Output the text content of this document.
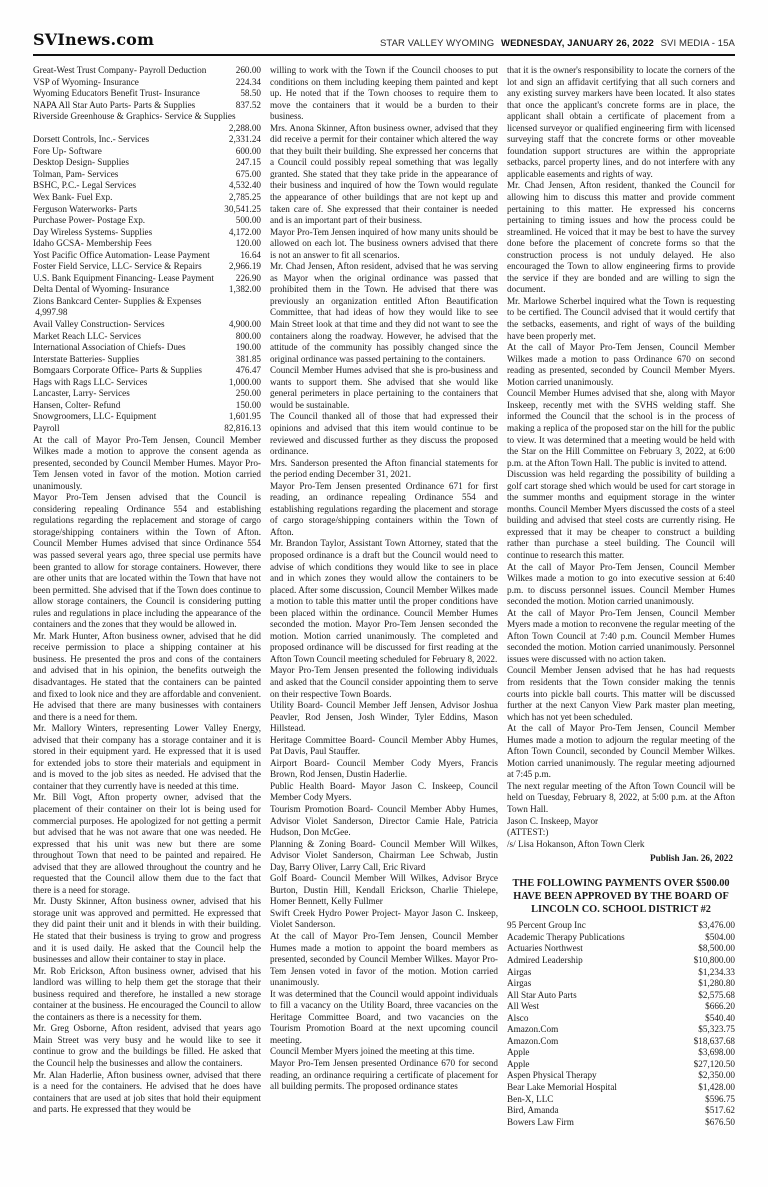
SVInews.com	STAR VALLEY WYOMING WEDNESDAY, JANUARY 26, 2022 SVI MEDIA - 15A
Great-West Trust Company- Payroll Deduction	260.00
VSP of Wyoming- Insurance	224.34
Wyoming Educators Benefit Trust- Insurance	58.50
NAPA All Star Auto Parts- Parts & Supplies	837.52
Riverside Greenhouse & Graphics- Service & Supplies
2,288.00
Dorsett Controls, Inc.- Services	2,331.24
Fore Up- Software	600.00
Desktop Design- Supplies	247.15
Tolman, Pam- Services	675.00
BSHC, P.C.- Legal Services	4,532.40
Wex Bank- Fuel Exp.	2,785.25
Ferguson Waterworks- Parts	30,541.25
Purchase Power- Postage Exp.	500.00
Day Wireless Systems- Supplies	4,172.00
Idaho GCSA- Membership Fees	120.00
Yost Pacific Office Automation- Lease Payment	16.64
Foster Field Service, LLC- Service & Repairs	2,966.19
U.S. Bank Equipment Financing- Lease Payment 226.90
Delta Dental of Wyoming- Insurance	1,382.00
Zions Bankcard Center- Supplies & Expenses
4,997.98
Avail Valley Construction- Services	4,900.00
Market Reach LLC- Services	800.00
International Association of Chiefs- Dues	190.00
Interstate Batteries- Supplies	381.85
Bomgaars Corporate Office- Parts & Supplies	476.47
Hags with Rags LLC- Services	1,000.00
Lancaster, Larry- Services	250.00
Hansen, Colter- Refund	150.00
Snowgroomers, LLC- Equipment	1,601.95
Payroll	82,816.13

At the call of Mayor Pro-Tem Jensen, Council Member Wilkes made a motion to approve the consent agenda as presented, seconded by Council Member Humes. Mayor Pro-Tem Jensen voted in favor of the motion. Motion carried unanimously.

Mayor Pro-Tem Jensen advised that the Council is considering repealing Ordinance 554 and establishing regulations regarding the replacement and storage of cargo storage/shipping containers within the Town of Afton. Council Member Humes advised that since Ordinance 554 was passed several years ago, three special use permits have been granted to allow for storage containers. However, there are other units that are located within the Town that have not been permitted. She advised that if the Town does continue to allow storage containers, the Council is considering putting rules and regulations in place including the appearance of the containers and the zones that they would be allowed in.

Mr. Mark Hunter, Afton business owner, advised that he did receive permission to place a shipping container at his business. He presented the pros and cons of the containers and advised that in his opinion, the benefits outweigh the disadvantages. He stated that the containers can be painted and fixed to look nice and they are affordable and convenient. He advised that there are many businesses with containers and there is a need for them.

Mr. Mallory Winters, representing Lower Valley Energy, advised that their company has a storage container and it is stored in their equipment yard. He expressed that it is used for extended jobs to store their materials and equipment in and is moved to the job sites as needed. He advised that the container that they currently have is needed at this time.

Mr. Bill Vogt, Afton property owner, advised that the placement of their container on their lot is being used for commercial purposes. He apologized for not getting a permit but advised that he was not aware that one was needed. He expressed that his unit was new but there are some throughout Town that need to be painted and repaired. He advised that they are allowed throughout the country and he requested that the Council allow them due to the fact that there is a need for storage.

Mr. Dusty Skinner, Afton business owner, advised that his storage unit was approved and permitted. He expressed that they did paint their unit and it blends in with their building. He stated that their business is trying to grow and progress and it is used daily. He asked that the Council help the businesses and allow their container to stay in place.

Mr. Rob Erickson, Afton business owner, advised that his landlord was willing to help them get the storage that their business required and therefore, he installed a new storage container at the business. He encouraged the Council to allow the containers as there is a necessity for them.

Mr. Greg Osborne, Afton resident, advised that years ago Main Street was very busy and he would like to see it continue to grow and the buildings be filled. He asked that the Council help the businesses and allow the containers.

Mr. Alan Haderlie, Afton business owner, advised that there is a need for the containers. He advised that he does have containers that are used at job sites that hold their equipment and parts. He expressed that they would be

willing to work with the Town if the Council chooses to put conditions on them including keeping them painted and kept up. He noted that if the Town chooses to require them to move the containers that it would be a burden to their business.

Mrs. Anona Skinner, Afton business owner, advised that they did receive a permit for their container which altered the way that they built their building. She expressed her concerns that a Council could possibly repeal something that was legally granted. She stated that they take pride in the appearance of their business and inquired of how the Town would regulate the appearance of other buildings that are not kept up and taken care of. She expressed that their container is needed and is an important part of their business.

Mayor Pro-Tem Jensen inquired of how many units should be allowed on each lot. The business owners advised that there is not an answer to fit all scenarios.

Mr. Chad Jensen, Afton resident, advised that he was serving as Mayor when the original ordinance was passed that prohibited them in the Town. He advised that there was previously an organization entitled Afton Beautification Committee, that had ideas of how they would like to see Main Street look at that time and they did not want to see the containers along the roadway. However, he advised that the attitude of the community has possibly changed since the original ordinance was passed pertaining to the containers.

Council Member Humes advised that she is pro-business and wants to support them. She advised that she would like general perimeters in place pertaining to the containers that would be sustainable.

The Council thanked all of those that had expressed their opinions and advised that this item would continue to be reviewed and discussed further as they discuss the proposed ordinance.

Mrs. Sanderson presented the Afton financial statements for the period ending December 31, 2021.

Mayor Pro-Tem Jensen presented Ordinance 671 for first reading, an ordinance repealing Ordinance 554 and establishing regulations regarding the placement and storage of cargo storage/shipping containers within the Town of Afton.

Mr. Brandon Taylor, Assistant Town Attorney, stated that the proposed ordinance is a draft but the Council would need to advise of which conditions they would like to see in place and in which zones they would allow the containers to be placed. After some discussion, Council Member Wilkes made a motion to table this matter until the proper conditions have been placed within the ordinance. Council Member Humes seconded the motion. Mayor Pro-Tem Jensen seconded the motion. Motion carried unanimously. The completed and proposed ordinance will be discussed for first reading at the Afton Town Council meeting scheduled for February 8, 2022.

Mayor Pro-Tem Jensen presented the following individuals and asked that the Council consider appointing them to serve on their respective Town Boards.

Utility Board- Council Member Jeff Jensen, Advisor Joshua Peavler, Rod Jensen, Josh Winder, Tyler Eddins, Mason Hillstead.

Heritage Committee Board- Council Member Abby Humes, Pat Davis, Paul Stauffer.

Airport Board- Council Member Cody Myers, Francis Brown, Rod Jensen, Dustin Haderlie.

Public Health Board- Mayor Jason C. Inskeep, Council Member Cody Myers.

Tourism Promotion Board- Council Member Abby Humes, Advisor Violet Sanderson, Director Camie Hale, Patricia Hudson, Don McGee.

Planning & Zoning Board- Council Member Will Wilkes, Advisor Violet Sanderson, Chairman Lee Schwab, Justin Day, Barry Oliver, Larry Call, Eric Rivard

Golf Board- Council Member Will Wilkes, Advisor Bryce Burton, Dustin Hill, Kendall Erickson, Charlie Thielepe, Homer Bennett, Kelly Fullmer

Swift Creek Hydro Power Project- Mayor Jason C. Inskeep, Violet Sanderson.

At the call of Mayor Pro-Tem Jensen, Council Member Humes made a motion to appoint the board members as presented, seconded by Council Member Wilkes. Mayor Pro-Tem Jensen voted in favor of the motion. Motion carried unanimously.

It was determined that the Council would appoint individuals to fill a vacancy on the Utility Board, three vacancies on the Heritage Committee Board, and two vacancies on the Tourism Promotion Board at the next upcoming council meeting.

Council Member Myers joined the meeting at this time.

Mayor Pro-Tem Jensen presented Ordinance 670 for second reading, an ordinance requiring a certificate of placement for all building permits. The proposed ordinance states

that it is the owner's responsibility to locate the corners of the lot and sign an affidavit certifying that all such corners and any existing survey markers have been located. It also states that once the applicant's concrete forms are in place, the applicant shall obtain a certificate of placement from a licensed surveyor or qualified engineering firm with licensed surveying staff that the concrete forms or other moveable foundation support structures are within the appropriate setbacks, parcel property lines, and do not interfere with any applicable easements and rights of way.

Mr. Chad Jensen, Afton resident, thanked the Council for allowing him to discuss this matter and provide comment pertaining to this matter. He expressed his concerns pertaining to timing issues and how the process could be streamlined. He voiced that it may be best to have the survey done before the placement of concrete forms so that the construction process is not unduly delayed. He also encouraged the Town to allow engineering firms to provide the service if they are bonded and are willing to sign the document.

Mr. Marlowe Scherbel inquired what the Town is requesting to be certified. The Council advised that it would certify that the setbacks, easements, and right of ways of the building have been properly met.

At the call of Mayor Pro-Tem Jensen, Council Member Wilkes made a motion to pass Ordinance 670 on second reading as presented, seconded by Council Member Myers. Motion carried unanimously.

Council Member Humes advised that she, along with Mayor Inskeep, recently met with the SVHS welding staff. She informed the Council that the school is in the process of making a replica of the proposed star on the hill for the public to view. It was determined that a meeting would be held with the Star on the Hill Committee on February 3, 2022, at 6:00 p.m. at the Afton Town Hall. The public is invited to attend.

Discussion was held regarding the possibility of building a golf cart storage shed which would be used for cart storage in the summer months and equipment storage in the winter months. Council Member Myers discussed the costs of a steel building and advised that steel costs are currently rising. He expressed that it may be cheaper to construct a building rather than purchase a steel building. The Council will continue to research this matter.

At the call of Mayor Pro-Tem Jensen, Council Member Wilkes made a motion to go into executive session at 6:40 p.m. to discuss personnel issues. Council Member Humes seconded the motion. Motion carried unanimously.

At the call of Mayor Pro-Tem Jensen, Council Member Myers made a motion to reconvene the regular meeting of the Afton Town Council at 7:40 p.m. Council Member Humes seconded the motion. Motion carried unanimously. Personnel issues were discussed with no action taken.

Council Member Jensen advised that he has had requests from residents that the Town consider making the tennis courts into pickle ball courts. This matter will be discussed further at the next Canyon View Park master plan meeting, which has not yet been scheduled.

At the call of Mayor Pro-Tem Jensen, Council Member Humes made a motion to adjourn the regular meeting of the Afton Town Council, seconded by Council Member Wilkes. Motion carried unanimously. The regular meeting adjourned at 7:45 p.m.

The next regular meeting of the Afton Town Council will be held on Tuesday, February 8, 2022, at 5:00 p.m. at the Afton Town Hall.

Jason C. Inskeep, Mayor

(ATTEST:)

/s/ Lisa Hokanson, Afton Town Clerk

Publish Jan. 26, 2022
THE FOLLOWING PAYMENTS OVER $500.00 HAVE BEEN APPROVED BY THE BOARD OF LINCOLN CO. SCHOOL DISTRICT #2
95 Percent Group Inc	$3,476.00
Academic Therapy Publications	$504.00
Actuaries Northwest	$8,500.00
Admired Leadership	$10,800.00
Airgas	$1,234.33
Airgas	$1,280.80
All Star Auto Parts	$2,575.68
All West	$666.20
Alsco	$540.40
Amazon.Com	$5,323.75
Amazon.Com	$18,637.68
Apple	$3,698.00
Apple	$27,120.50
Aspen Physical Therapy	$2,350.00
Bear Lake Memorial Hospital	$1,428.00
Ben-X, LLC	$596.75
Bird, Amanda	$517.62
Bowers Law Firm	$676.50
